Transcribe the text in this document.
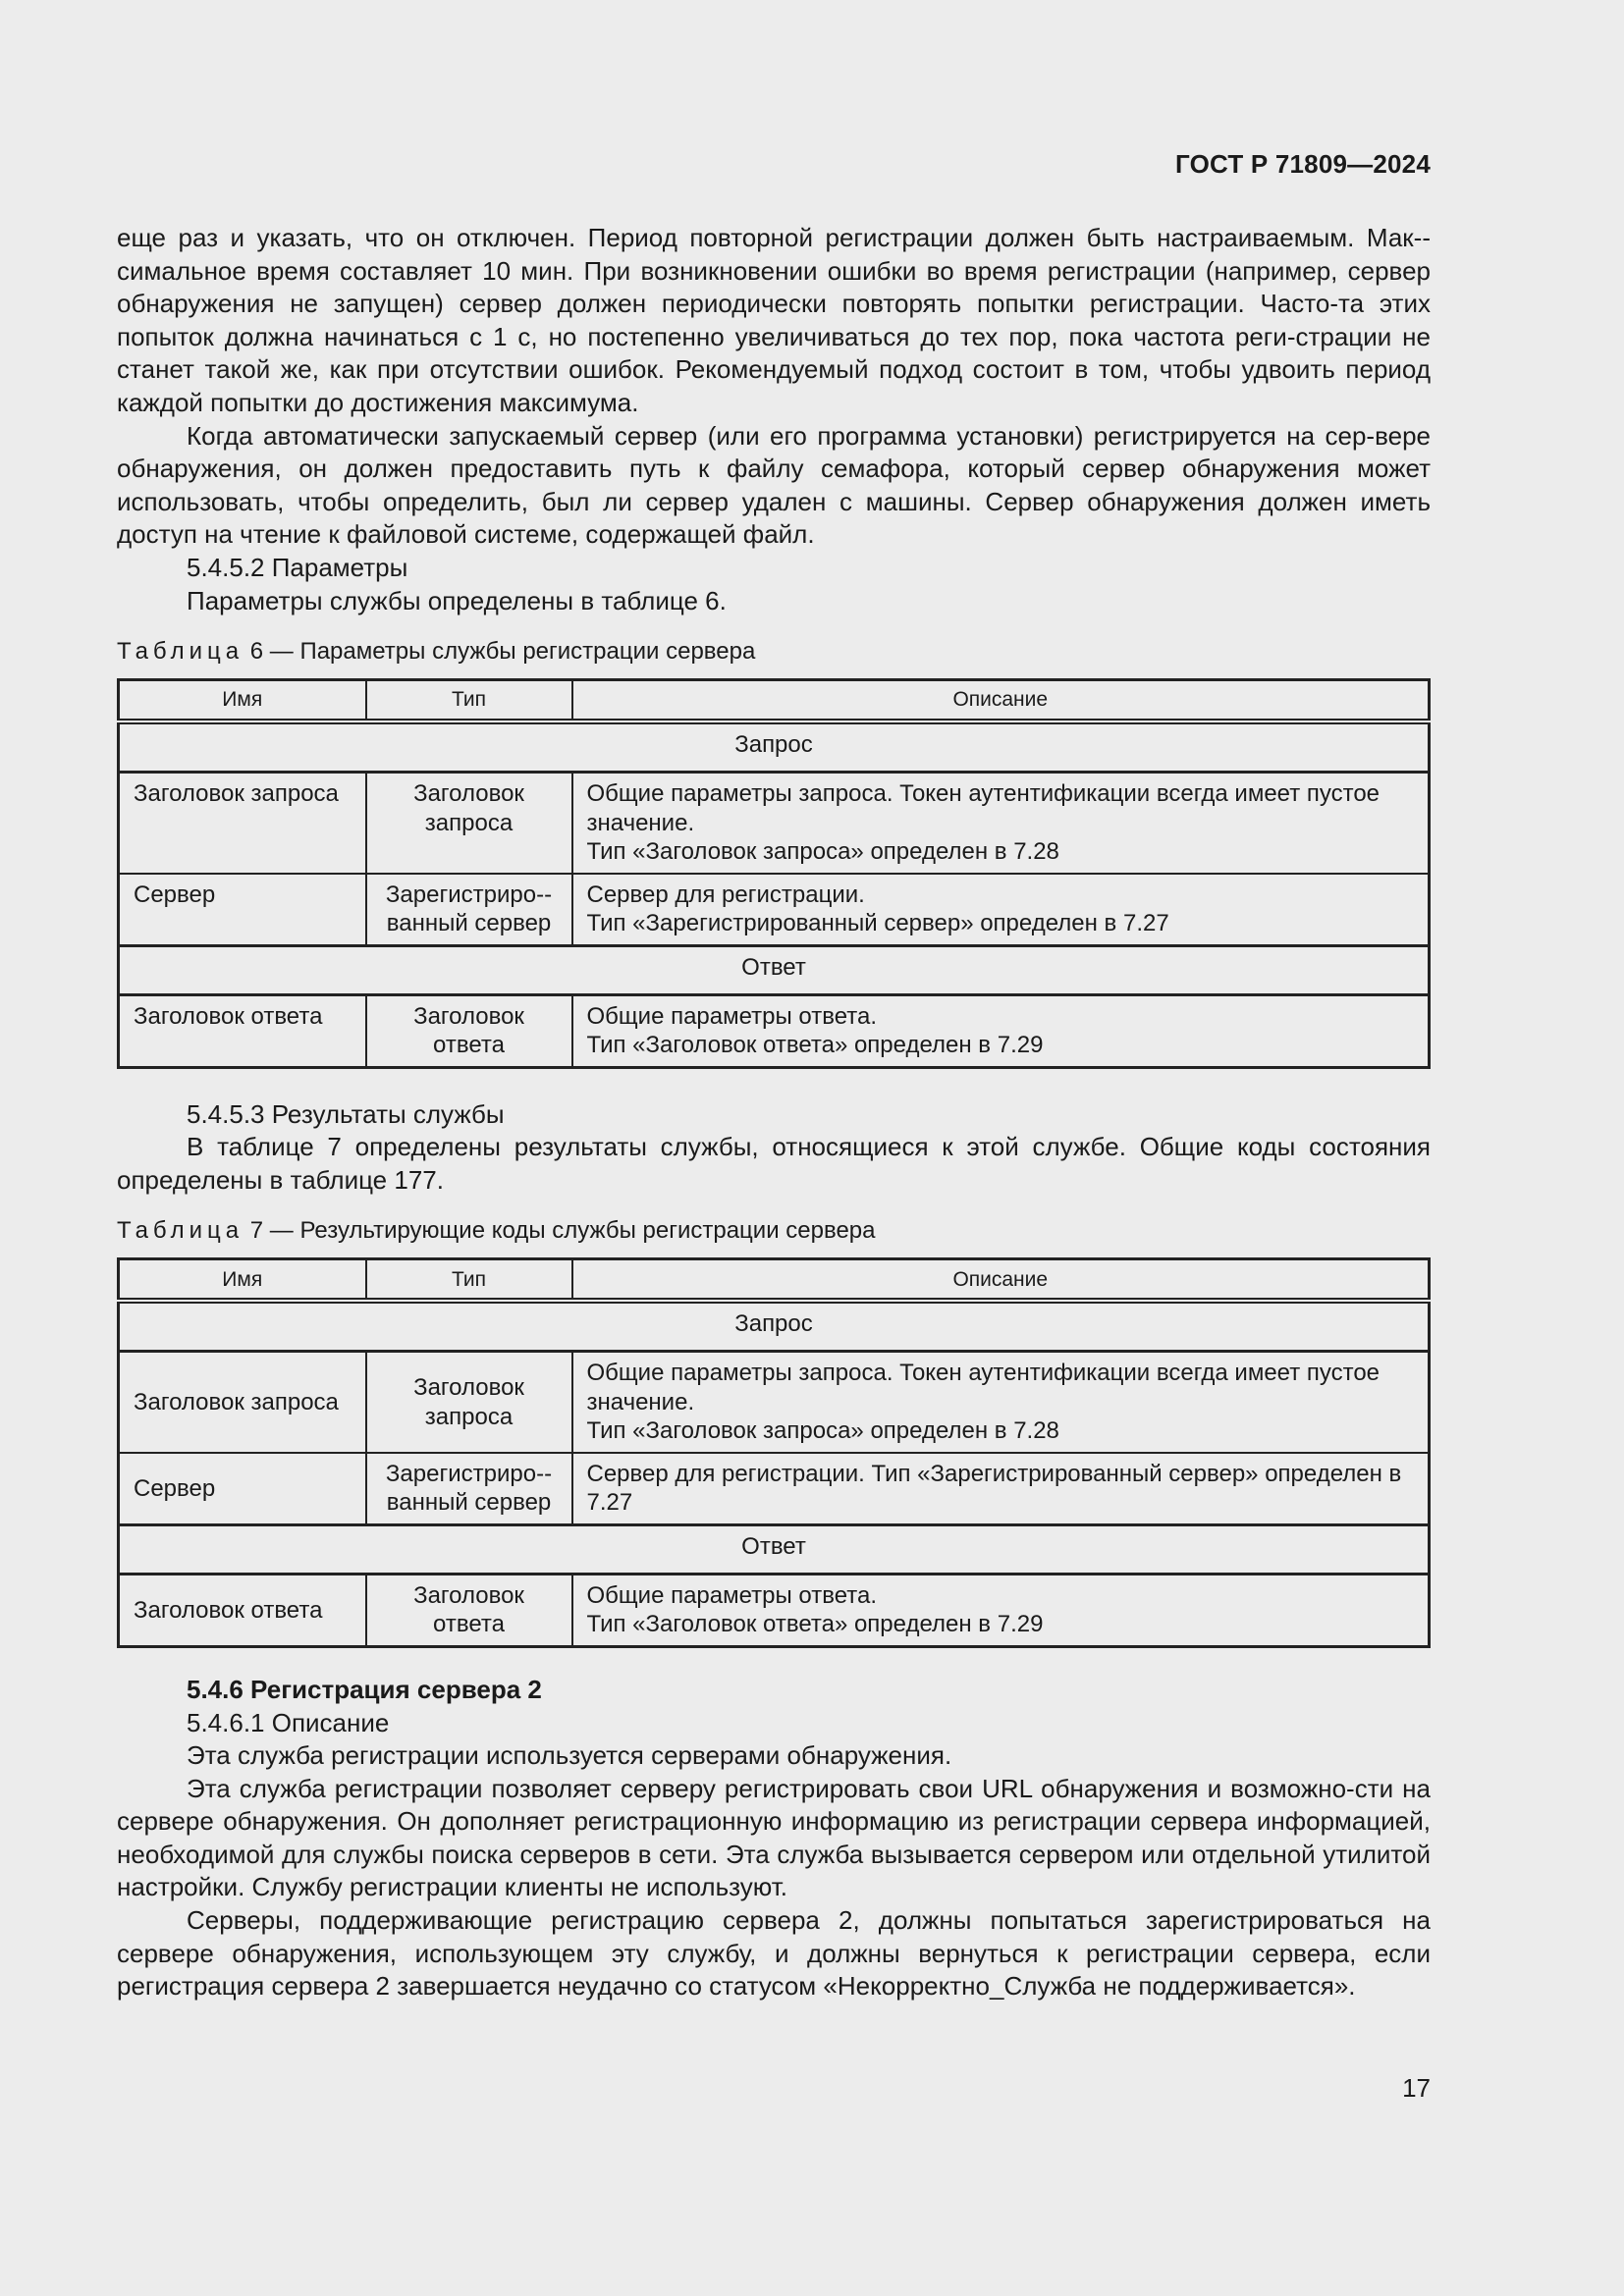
ГОСТ Р 71809—2024

еще раз и указать, что он отключен. Период повторной регистрации должен быть настраиваемым. Мак-симальное время составляет 10 мин. При возникновении ошибки во время регистрации (например, сервер обнаружения не запущен) сервер должен периодически повторять попытки регистрации. Часто-та этих попыток должна начинаться с 1 с, но постепенно увеличиваться до тех пор, пока частота реги-страции не станет такой же, как при отсутствии ошибок. Рекомендуемый подход состоит в том, чтобы удвоить период каждой попытки до достижения максимума.

Когда автоматически запускаемый сервер (или его программа установки) регистрируется на сер-вере обнаружения, он должен предоставить путь к файлу семафора, который сервер обнаружения может использовать, чтобы определить, был ли сервер удален с машины. Сервер обнаружения должен иметь доступ на чтение к файловой системе, содержащей файл.

5.4.5.2 Параметры

Параметры службы определены в таблице 6.

Таблица 6 — Параметры службы регистрации сервера
Имя	Тип	Описание
Запрос		
Заголовок запроса	Заголовок запроса	Общие параметры запроса. Токен аутентификации всегда имеет пустое значение.
Тип «Заголовок запроса» определен в 7.28

Сервер	Зарегистриро-ванный сервер	Сервер для регистрации.
Тип «Зарегистрированный сервер» определен в 7.27

Ответ		
Заголовок ответа	Заголовок ответа	Общие параметры ответа.
Тип «Заголовок ответа» определен в 7.29

5.4.5.3 Результаты службы

В таблице 7 определены результаты службы, относящиеся к этой службе. Общие коды состояния определены в таблице 177.

Таблица 7 — Результирующие коды службы регистрации сервера
Имя	Тип	Описание
Запрос		
Заголовок запроса	Заголовок запроса	Общие параметры запроса. Токен аутентификации всегда имеет пустое значение.
Тип «Заголовок запроса» определен в 7.28

Сервер	Зарегистриро-ванный сервер	Сервер для регистрации. Тип «Зарегистрированный сервер» определен в 7.27

Ответ		
Заголовок ответа	Заголовок ответа	Общие параметры ответа.
Тип «Заголовок ответа» определен в 7.29

5.4.6 Регистрация сервера 2

5.4.6.1 Описание

Эта служба регистрации используется серверами обнаружения.

Эта служба регистрации позволяет серверу регистрировать свои URL обнаружения и возможно-сти на сервере обнаружения. Он дополняет регистрационную информацию из регистрации сервера информацией, необходимой для службы поиска серверов в сети. Эта служба вызывается сервером или отдельной утилитой настройки. Службу регистрации клиенты не используют.

Серверы, поддерживающие регистрацию сервера 2, должны попытаться зарегистрироваться на сервере обнаружения, использующем эту службу, и должны вернуться к регистрации сервера, если регистрация сервера 2 завершается неудачно со статусом «Некорректно_Служба не поддерживается».

17
